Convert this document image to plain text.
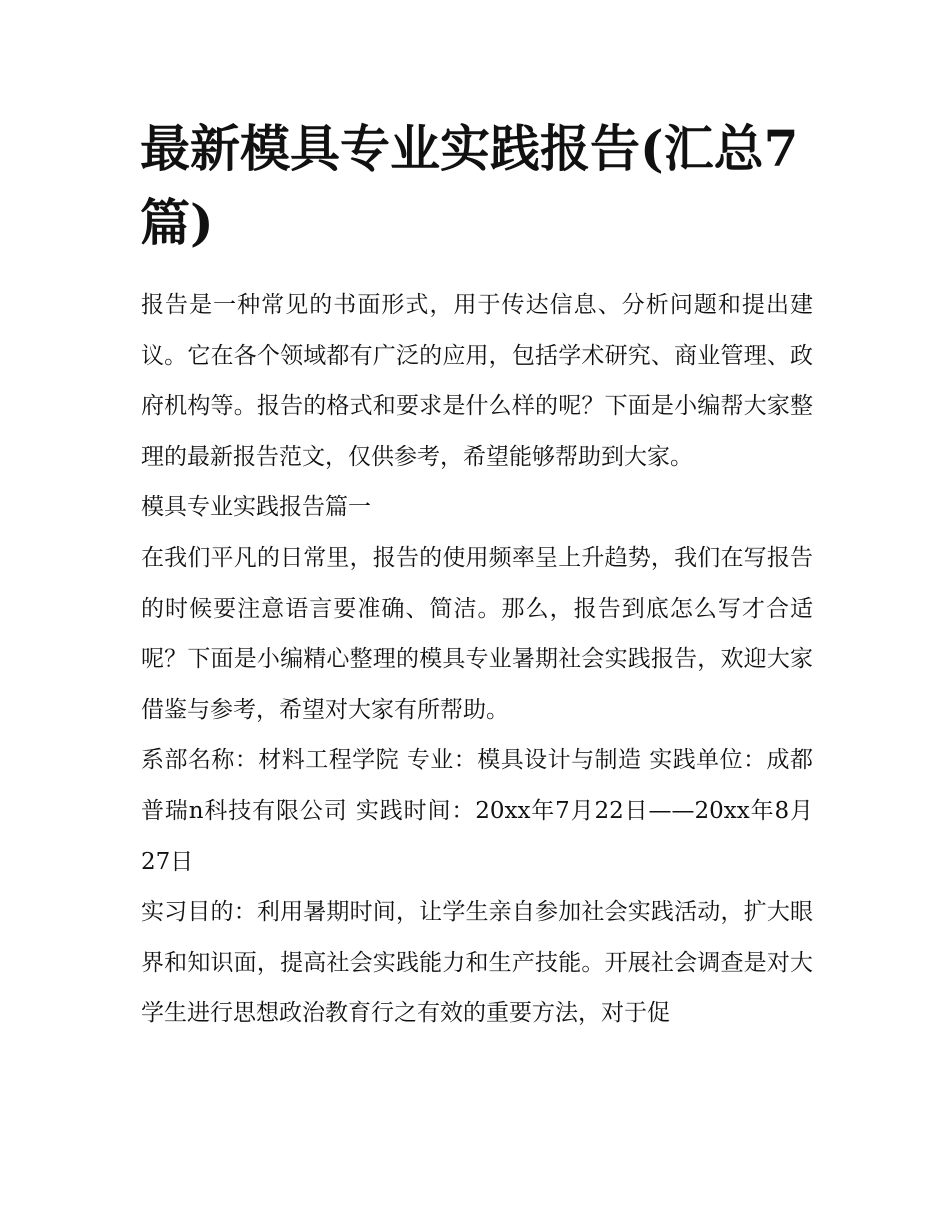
最新模具专业实践报告(汇总7篇)

报告是一种常见的书面形式，用于传达信息、分析问题和提出建议。它在各个领域都有广泛的应用，包括学术研究、商业管理、政府机构等。报告的格式和要求是什么样的呢？下面是小编帮大家整理的最新报告范文，仅供参考，希望能够帮助到大家。

模具专业实践报告篇一

在我们平凡的日常里，报告的使用频率呈上升趋势，我们在写报告的时候要注意语言要准确、简洁。那么，报告到底怎么写才合适呢？下面是小编精心整理的模具专业暑期社会实践报告，欢迎大家借鉴与参考，希望对大家有所帮助。

系部名称：材料工程学院 专业：模具设计与制造 实践单位：成都普瑞n科技有限公司 实践时间：20xx年7月22日——20xx年8月27日

实习目的：利用暑期时间，让学生亲自参加社会实践活动，扩大眼界和知识面，提高社会实践能力和生产技能。开展社会调查是对大学生进行思想政治教育行之有效的重要方法，对于促
